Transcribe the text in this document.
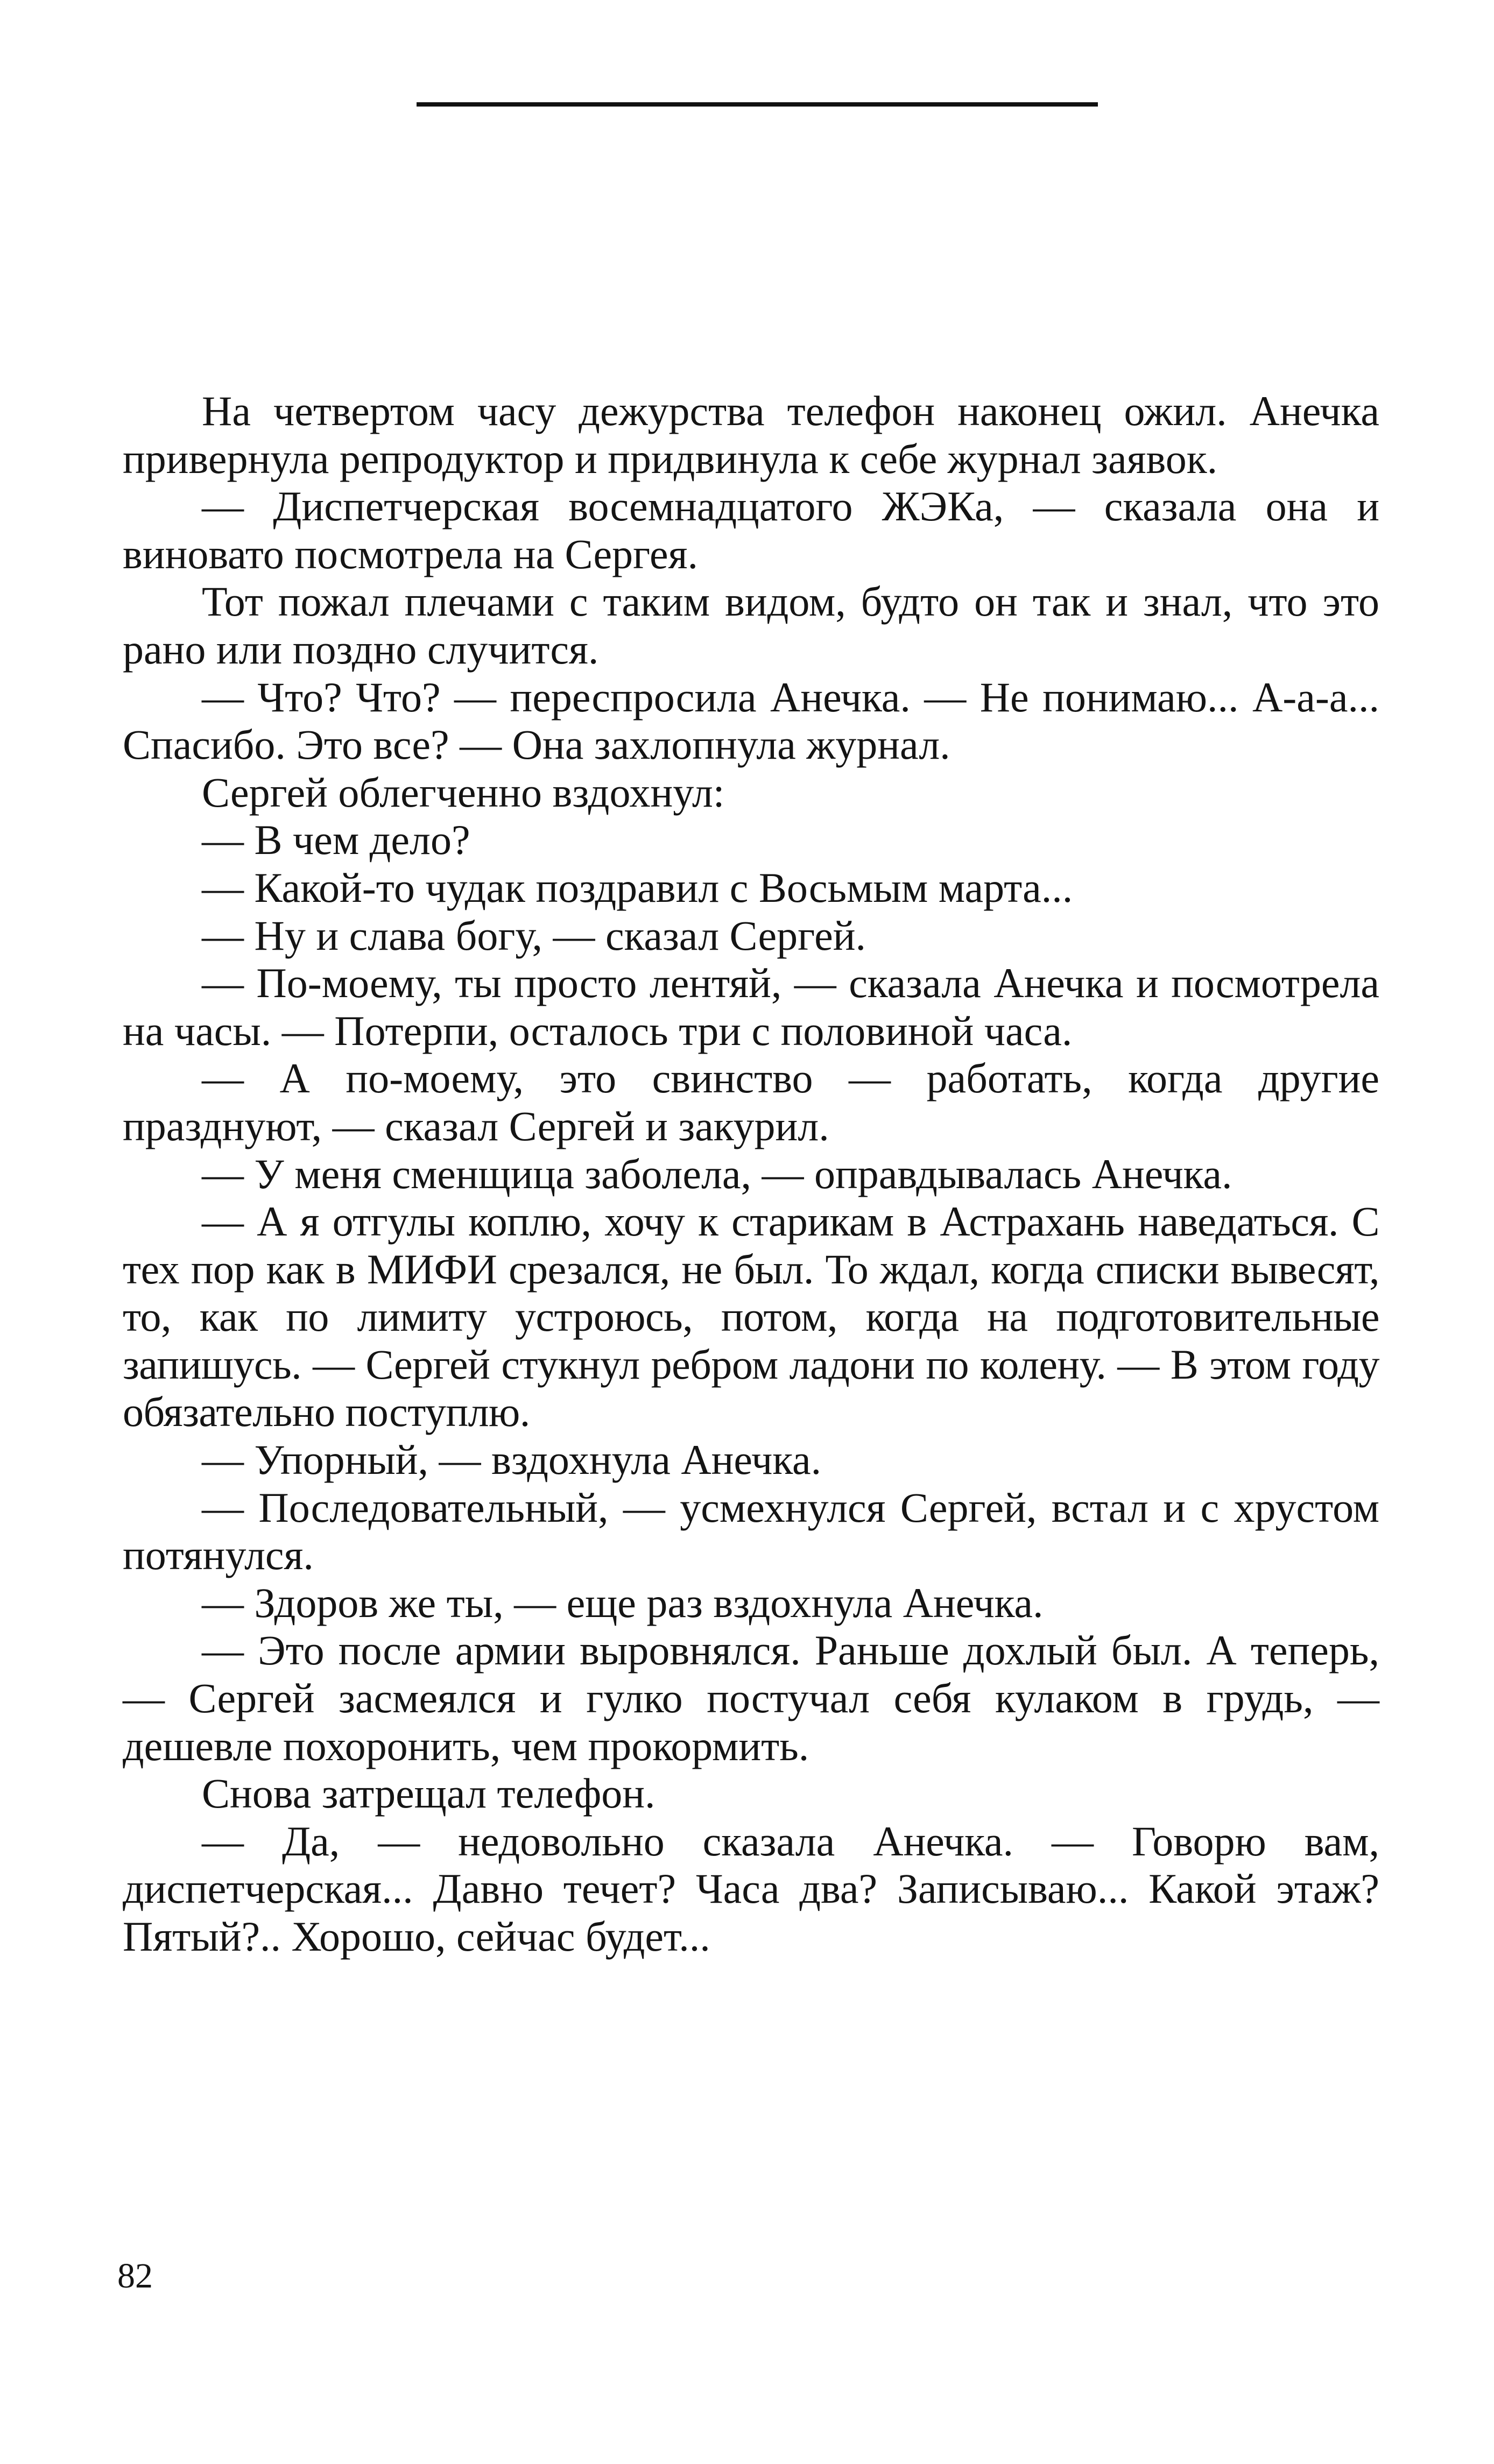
На четвертом часу дежурства телефон наконец ожил. Анечка привернула репродуктор и придвинула к себе журнал заявок.

— Диспетчерская восемнадцатого ЖЭКа, — сказала она и виновато посмотрела на Сергея.

Тот пожал плечами с таким видом, будто он так и знал, что это рано или поздно случится.

— Что? Что? — переспросила Анечка. — Не понимаю... А-а-а... Спасибо. Это все? — Она захлопнула журнал.

Сергей облегченно вздохнул:

— В чем дело?

— Какой-то чудак поздравил с Восьмым марта...

— Ну и слава богу, — сказал Сергей.

— По-моему, ты просто лентяй, — сказала Анечка и посмотрела на часы. — Потерпи, осталось три с половиной часа.

— А по-моему, это свинство — работать, когда другие празднуют, — сказал Сергей и закурил.

— У меня сменщица заболела, — оправдывалась Анечка.

— А я отгулы коплю, хочу к старикам в Астрахань наведаться. С тех пор как в МИФИ срезался, не был. То ждал, когда списки вывесят, то, как по лимиту устроюсь, потом, когда на подготовительные запишусь. — Сергей стукнул ребром ладони по колену. — В этом году обязательно поступлю.

— Упорный, — вздохнула Анечка.

— Последовательный, — усмехнулся Сергей, встал и с хрустом потянулся.

— Здоров же ты, — еще раз вздохнула Анечка.

— Это после армии выровнялся. Раньше дохлый был. А теперь, — Сергей засмеялся и гулко постучал себя кулаком в грудь, — дешевле похоронить, чем прокормить.

Снова затрещал телефон.

— Да, — недовольно сказала Анечка. — Говорю вам, диспетчерская... Давно течет? Часа два? Записываю... Какой этаж? Пятый?.. Хорошо, сейчас будет...

82
